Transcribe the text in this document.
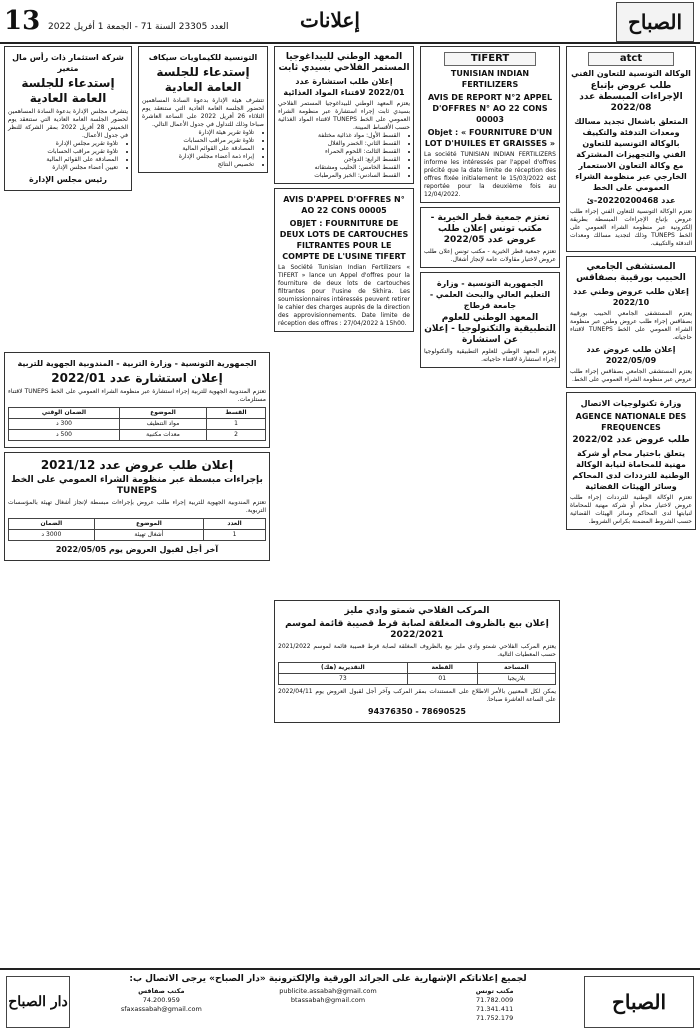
13 العدد 23305 السنة 71 - الجمعة 1 أفريل 2022	إعلانات	الصباح
atct
الوكالة التونسية للتعاون الفني
طلب عروض بإتباع الإجراءات المبسطة عدد 2022/08
المتعلق باشغال تجديد مسالك ومعدات التدفئة والتكييف بالوكالة التونسية للتعاون الفني والتجهيزات المشتركة مع وكالة التعاون الاستعمار الخارجي عبر منظومة الشراء العمومي على الخط
عدد 20220200468-ئ

تعتزم الوكالة التونسية للتعاون الفني إجراء طلب عروض بإتباع الإجراءات المبسطة بطريقة إلكترونية عبر منظومة الشراء العمومي على الخط TUNEPS وذلك لتجديد مسالك ومعدات التدفئة والتكييف.

المستشفى الجامعي الحبيب بورقيبة بصفاقس
إعلان طلب عروض وطني عدد 2022/10

يعتزم المستشفى الجامعي الحبيب بورقيبة بصفاقس إجراء طلب عروض وطني عبر منظومة الشراء العمومي على الخط TUNEPS لاقتناء حاجياته.

إعلان طلب عروض عدد 2022/05/09

يعتزم المستشفى الجامعي بصفاقس إجراء طلب عروض عبر منظومة الشراء العمومي على الخط.

وزارة تكنولوجيات الاتصال
AGENCE NATIONALE DES FREQUENCES
طلب عروض عدد 2022/02
يتعلق باختيار محام أو شركة مهنية للمحاماة لنيابة الوكالة الوطنية للترددات لدى المحاكم وسائر الهيئات القضائية

تعتزم الوكالة الوطنية للترددات إجراء طلب عروض لاختيار محام أو شركة مهنية للمحاماة لنيابتها لدى المحاكم وسائر الهيئات القضائية حسب الشروط المضمنة بكراس الشروط.

TIFERT
TUNISIAN INDIAN FERTILIZERS
AVIS DE REPORT N°2 APPEL D'OFFRES N° AO 22 CONS 00003
Objet : « FOURNITURE D'UN LOT D'HUILES ET GRAISSES »

La société TUNISIAN INDIAN FERTILIZERS informe les intéressés par l'appel d'offres précité que la date limite de réception des offres fixée initialement le 15/03/2022 est reportée pour la deuxième fois au 12/04/2022.

تعتزم جمعية قطر الخيرية - مكتب تونس إعلان طلب عروض عدد 2022/05

تعتزم جمعية قطر الخيرية - مكتب تونس إعلان طلب عروض لاختيار مقاولات عامة لإنجاز أشغال.

الجمهورية التونسية - وزارة التعليم العالي والبحث العلمي - جامعة قرطاج
المعهد الوطني للعلوم التطبيقية والتكنولوجيا - إعلان عن استشارة

يعتزم المعهد الوطني للعلوم التطبيقية والتكنولوجيا إجراء استشارة لاقتناء حاجياته.

المعهد الوطني للبيداغوجيا المستمر الفلاحي بسيدي ثابت
إعلان طلب استشارة عدد 2022/01 لاقتناء المواد الغذائية

يعتزم المعهد الوطني للبيداغوجيا المستمر الفلاحي بسيدي ثابت إجراء استشارة عبر منظومة الشراء العمومي على الخط TUNEPS لاقتناء المواد الغذائية حسب الأقساط المبينة.

• القسط الأول: مواد غذائية مختلفة
• القسط الثاني: الخضر والغلال
• القسط الثالث: اللحوم الحمراء
• القسط الرابع: الدواجن
• القسط الخامس: الحليب ومشتقاته
• القسط السادس: الخبز والمرطبات
AVIS D'APPEL D'OFFRES N° AO 22 CONS 00005
OBJET : FOURNITURE DE DEUX LOTS DE CARTOUCHES FILTRANTES POUR LE COMPTE DE L'USINE TIFERT

La Société Tunisian Indian Fertilizers « TIFERT » lance un Appel d'offres pour la fourniture de deux lots de cartouches filtrantes pour l'usine de Skhira. Les soumissionnaires intéressés peuvent retirer le cahier des charges auprès de la direction des approvisionnements. Date limite de réception des offres : 27/04/2022 à 15h00.

التونسية للكيماويات سيكاف
إستدعاء للجلسة العامة العادية

تتشرف هيئة الإدارة بدعوة السادة المساهمين لحضور الجلسة العامة العادية التي ستنعقد يوم الثلاثاء 26 أفريل 2022 على الساعة العاشرة صباحا وذلك للتداول في جدول الأعمال التالي.

• تلاوة تقرير هيئة الإدارة
• تلاوة تقرير مراقب الحسابات
• المصادقة على القوائم المالية
• إبراء ذمة أعضاء مجلس الإدارة
• تخصيص النتائج
شركة استثمار ذات رأس مال متغير
إستدعاء للجلسة العامة العادية

يتشرف مجلس الإدارة بدعوة السادة المساهمين لحضور الجلسة العامة العادية التي ستنعقد يوم الخميس 28 أفريل 2022 بمقر الشركة للنظر في جدول الأعمال.

• تلاوة تقرير مجلس الإدارة
• تلاوة تقرير مراقب الحسابات
• المصادقة على القوائم المالية
• تعيين أعضاء مجلس الإدارة
رئيس مجلس الإدارة
الجمهورية التونسية - وزارة التربية - المندوبية الجهوية للتربية
إعلان استشارة عدد 2022/01

تعتزم المندوبية الجهوية للتربية إجراء استشارة عبر منظومة الشراء العمومي على الخط TUNEPS لاقتناء مستلزمات.

القسط	الموضوع	الضمان الوقتي
1	مواد التنظيف	300 د
2	معدات مكتبية	500 د
إعلان طلب عروض عدد 2021/12
بإجراءات مبسطة عبر منظومة الشراء العمومي على الخط TUNEPS

تعتزم المندوبية الجهوية للتربية إجراء طلب عروض بإجراءات مبسطة لإنجاز أشغال تهيئة بالمؤسسات التربوية.

العدد	الموضوع	الضمان
1	أشغال تهيئة	3000 د
آخر أجل لقبول العروض يوم 2022/05/05
المركب الفلاحي شمتو وادي مليز
إعلان بيع بالظروف المغلقة لصابة قرط قصيبة قائمة لموسم 2022/2021

يعتزم المركب الفلاحي شمتو وادي مليز بيع بالظروف المغلقة لصابة قرط قصيبة قائمة لموسم 2021/2022 حسب المعطيات التالية.

المساحة	القطعة	التقديرية (هك)
بلاريجيا	01	73

يمكن لكل المعنيين بالأمر الاطلاع على المستندات بمقر المركب وآخر أجل لقبول العروض يوم 2022/04/11 على الساعة العاشرة صباحا.

78690525 - 94376350
الصباح
دار الصباح
لجميع إعلاناتكم الإشهارية على الجرائد الورقية والإلكترونية «دار الصباح» يرجى الاتصال ب:
مكتب تونس
71.782.009
71.341.411
71.752.179
publicite.assabah@gmail.com
btassabah@gmail.com
مكتب صفاقس
74.200.959
sfaxassabah@gmail.com
